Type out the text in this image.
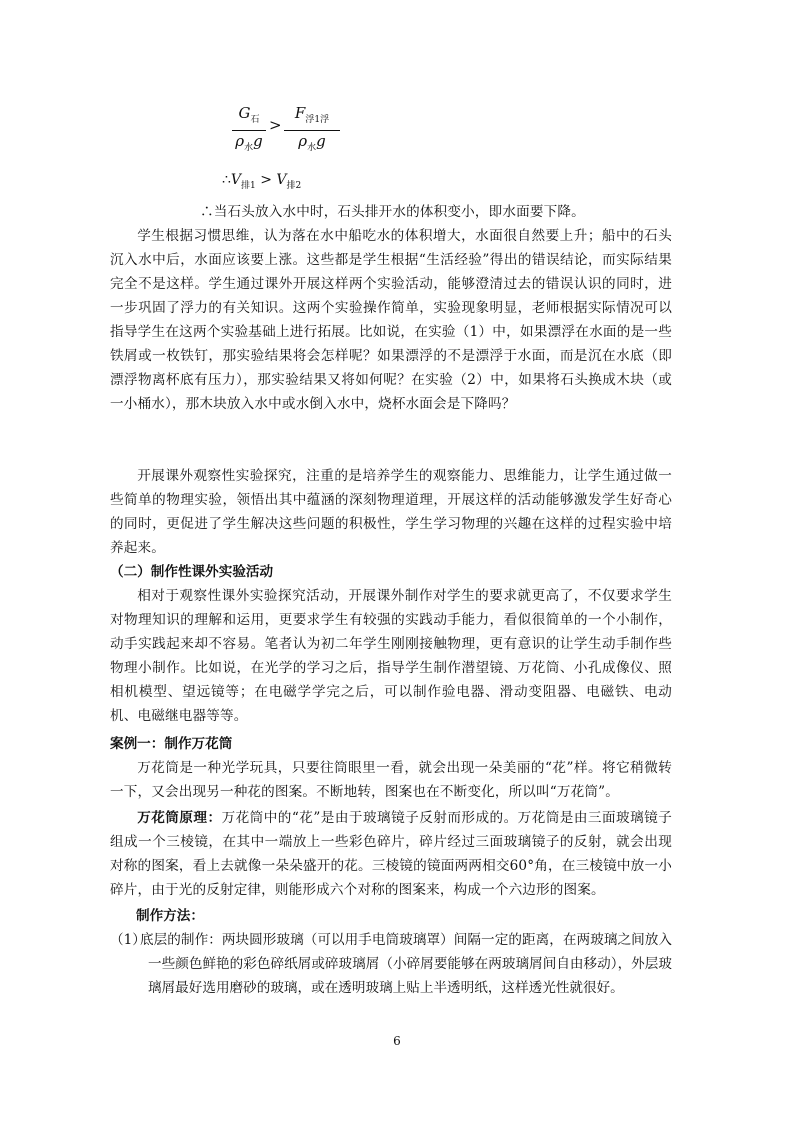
$G_石$
$\rho_水g$
>
$F_{浮1浮}$
$\rho_水g$
$\therefore V_{排1} > V_{排2}$

∴当石头放入水中时，石头排开水的体积变小，即水面要下降。

学生根据习惯思维，认为落在水中船吃水的体积增大，水面很自然要上升；船中的石头沉入水中后，水面应该要上涨。这些都是学生根据“生活经验”得出的错误结论，而实际结果完全不是这样。学生通过课外开展这样两个实验活动，能够澄清过去的错误认识的同时，进一步巩固了浮力的有关知识。这两个实验操作简单，实验现象明显，老师根据实际情况可以指导学生在这两个实验基础上进行拓展。比如说，在实验（1）中，如果漂浮在水面的是一些铁屑或一枚铁钉，那实验结果将会怎样呢？如果漂浮的不是漂浮于水面，而是沉在水底（即漂浮物离杯底有压力），那实验结果又将如何呢？在实验（2）中，如果将石头换成木块（或一小桶水），那木块放入水中或水倒入水中，烧杯水面会是下降吗？

开展课外观察性实验探究，注重的是培养学生的观察能力、思维能力，让学生通过做一些简单的物理实验，领悟出其中蕴涵的深刻物理道理，开展这样的活动能够激发学生好奇心的同时，更促进了学生解决这些问题的积极性，学生学习物理的兴趣在这样的过程实验中培养起来。

（二）制作性课外实验活动

相对于观察性课外实验探究活动，开展课外制作对学生的要求就更高了，不仅要求学生对物理知识的理解和运用，更要求学生有较强的实践动手能力，看似很简单的一个小制作，动手实践起来却不容易。笔者认为初二年学生刚刚接触物理，更有意识的让学生动手制作些物理小制作。比如说，在光学的学习之后，指导学生制作潜望镜、万花筒、小孔成像仪、照相机模型、望远镜等；在电磁学学完之后，可以制作验电器、滑动变阻器、电磁铁、电动机、电磁继电器等等。

案例一：制作万花筒

万花筒是一种光学玩具，只要往筒眼里一看，就会出现一朵美丽的“花”样。将它稍微转一下，又会出现另一种花的图案。不断地转，图案也在不断变化，所以叫“万花筒”。

万花筒原理：万花筒中的“花”是由于玻璃镜子反射而形成的。万花筒是由三面玻璃镜子组成一个三棱镜，在其中一端放上一些彩色碎片，碎片经过三面玻璃镜子的反射，就会出现对称的图案，看上去就像一朵朵盛开的花。三棱镜的镜面两两相交60°角，在三棱镜中放一小碎片，由于光的反射定律，则能形成六个对称的图案来，构成一个六边形的图案。

制作方法：

（1）
底层的制作：两块圆形玻璃（可以用手电筒玻璃罩）间隔一定的距离，在两玻璃之间放入一些颜色鲜艳的彩色碎纸屑或碎玻璃屑（小碎屑要能够在两玻璃屑间自由移动），外层玻璃屑最好选用磨砂的玻璃，或在透明玻璃上贴上半透明纸，这样透光性就很好。
6
